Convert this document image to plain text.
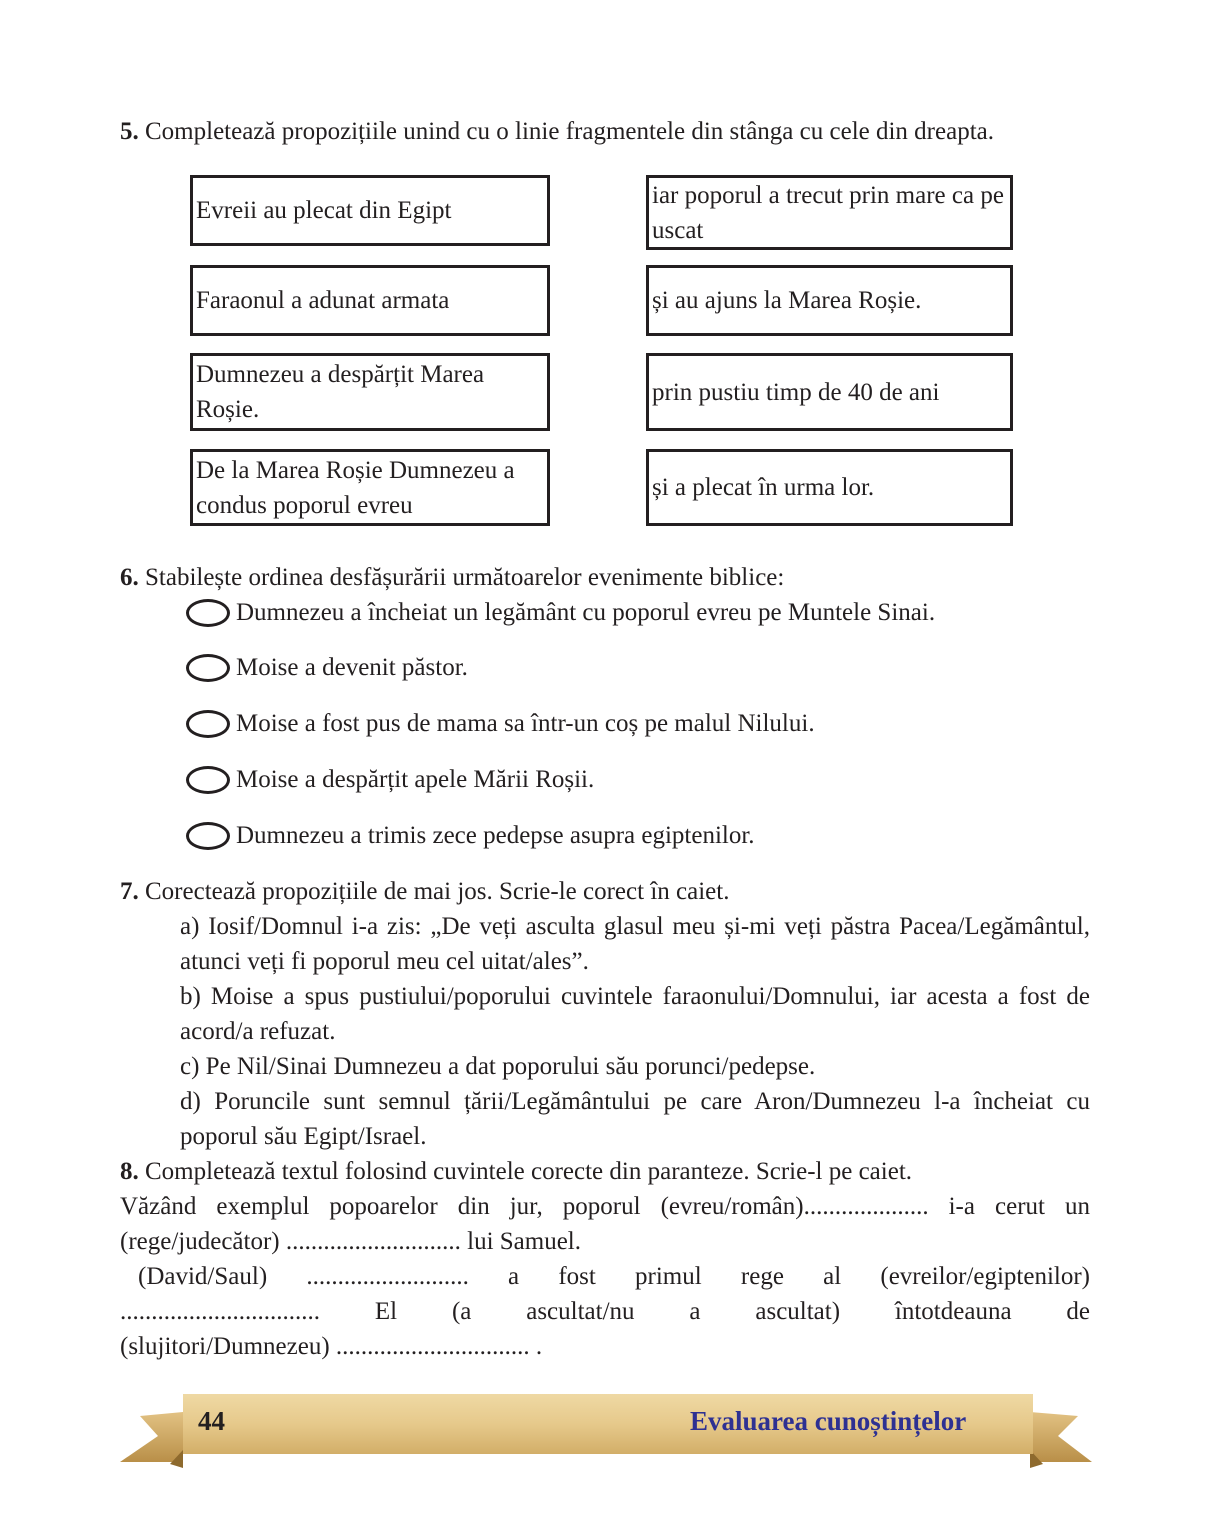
5. Completează propozițiile unind cu o linie fragmentele din stânga cu cele din dreapta.
Evreii au plecat din Egipt
Faraonul a adunat armata
Dumnezeu a despărțit Marea Roșie.
De la Marea Roșie Dumnezeu a condus poporul evreu
iar poporul a trecut prin mare ca pe uscat
și au ajuns la Marea Roșie.
prin pustiu timp de 40 de ani
și a plecat în urma lor.
6. Stabilește ordinea desfășurării următoarelor evenimente biblice:
Dumnezeu a încheiat un legământ cu poporul evreu pe Muntele Sinai.
Moise a devenit păstor.
Moise a fost pus de mama sa într-un coș pe malul Nilului.
Moise a despărțit apele Mării Roșii.
Dumnezeu a trimis zece pedepse asupra egiptenilor.
7. Corectează propozițiile de mai jos. Scrie-le corect în caiet.
a) Iosif/Domnul i-a zis: „De veți asculta glasul meu și-mi veți păstra Pacea/Legământul, atunci veți fi poporul meu cel uitat/ales”.
b) Moise a spus pustiului/poporului cuvintele faraonului/Domnului, iar acesta a fost de acord/a refuzat.
c) Pe Nil/Sinai Dumnezeu a dat poporului său porunci/pedepse.
d) Poruncile sunt semnul țării/Legământului pe care Aron/Dumnezeu l-a încheiat cu poporul său Egipt/Israel.
8. Completează textul folosind cuvintele corecte din paranteze. Scrie-l pe caiet.
Văzând exemplul popoarelor din jur, poporul (evreu/român).................... i-a cerut un (rege/judecător) ............................ lui Samuel.
(David/Saul) .......................... a fost primul rege al (evreilor/egiptenilor)
................................ El (a ascultat/nu a ascultat) întotdeauna de
(slujitori/Dumnezeu) ............................... .
44	Evaluarea cunoștințelor
